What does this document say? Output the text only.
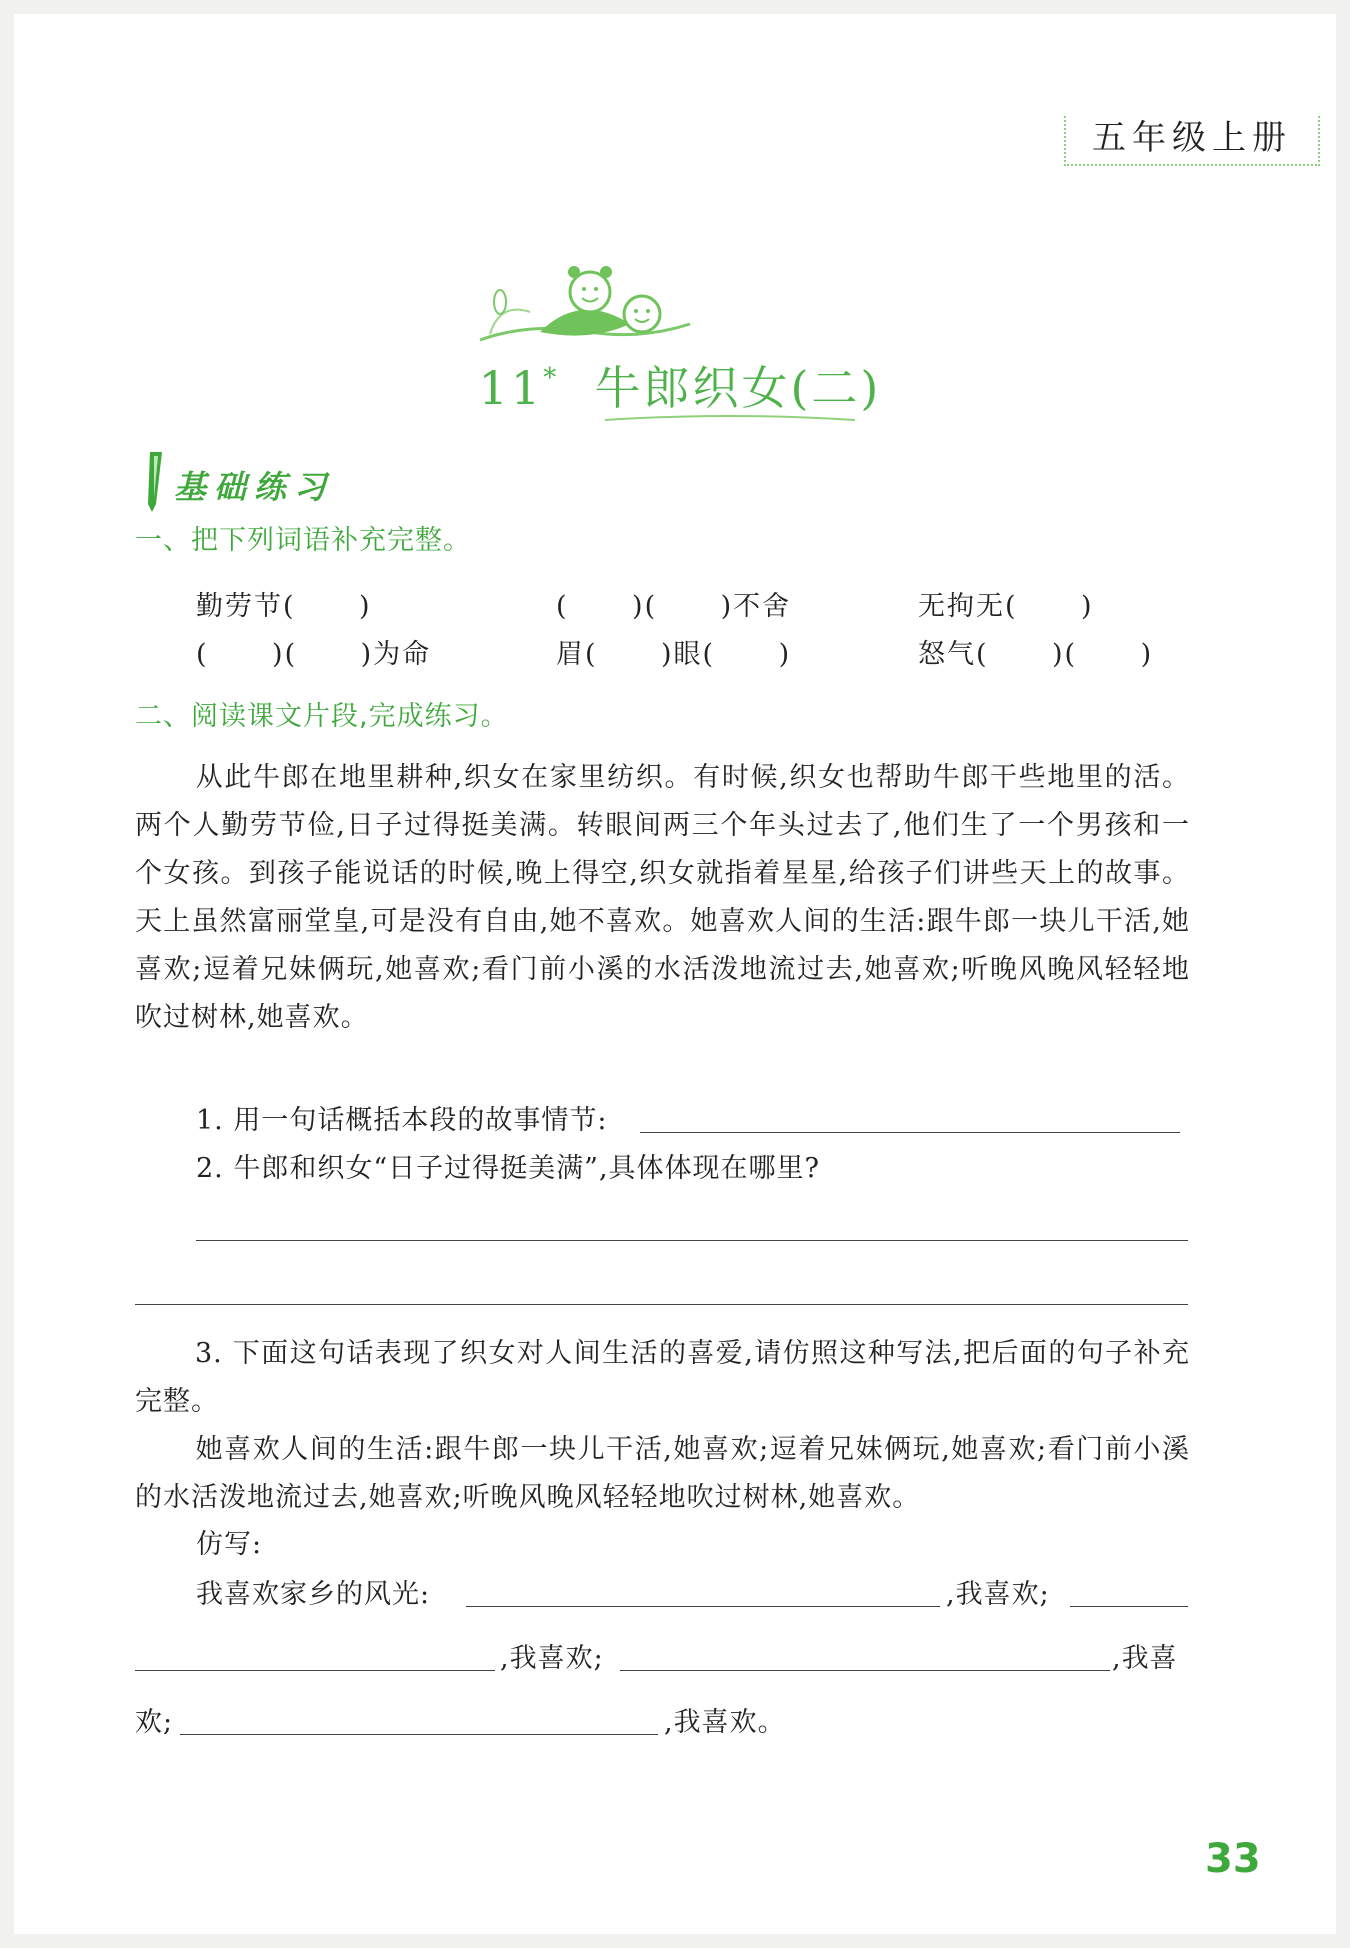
五年级上册
11* 牛郎织女(二)
基础练习
一、把下列词语补充完整。
勤劳节(      )	(      )(      )不舍	无拘无(      )
(      )(      )为命	眉(      )眼(      )	怒气(      )(      )
二、阅读课文片段,完成练习。
从此牛郎在地里耕种,织女在家里纺织。有时候,织女也帮助牛郎干些地里的活。两个人勤劳节俭,日子过得挺美满。转眼间两三个年头过去了,他们生了一个男孩和一个女孩。到孩子能说话的时候,晚上得空,织女就指着星星,给孩子们讲些天上的故事。天上虽然富丽堂皇,可是没有自由,她不喜欢。她喜欢人间的生活:跟牛郎一块儿干活,她喜欢;逗着兄妹俩玩,她喜欢;看门前小溪的水活泼地流过去,她喜欢;听晚风晚风轻轻地吹过树林,她喜欢。
1. 用一句话概括本段的故事情节:
2. 牛郎和织女“日子过得挺美满”,具体体现在哪里?
3. 下面这句话表现了织女对人间生活的喜爱,请仿照这种写法,把后面的句子补充完整。
她喜欢人间的生活:跟牛郎一块儿干活,她喜欢;逗着兄妹俩玩,她喜欢;看门前小溪的水活泼地流过去,她喜欢;听晚风晚风轻轻地吹过树林,她喜欢。
仿写:
我喜欢家乡的风光:	,我喜欢;
,我喜欢;	,我喜
欢;	,我喜欢。
33
